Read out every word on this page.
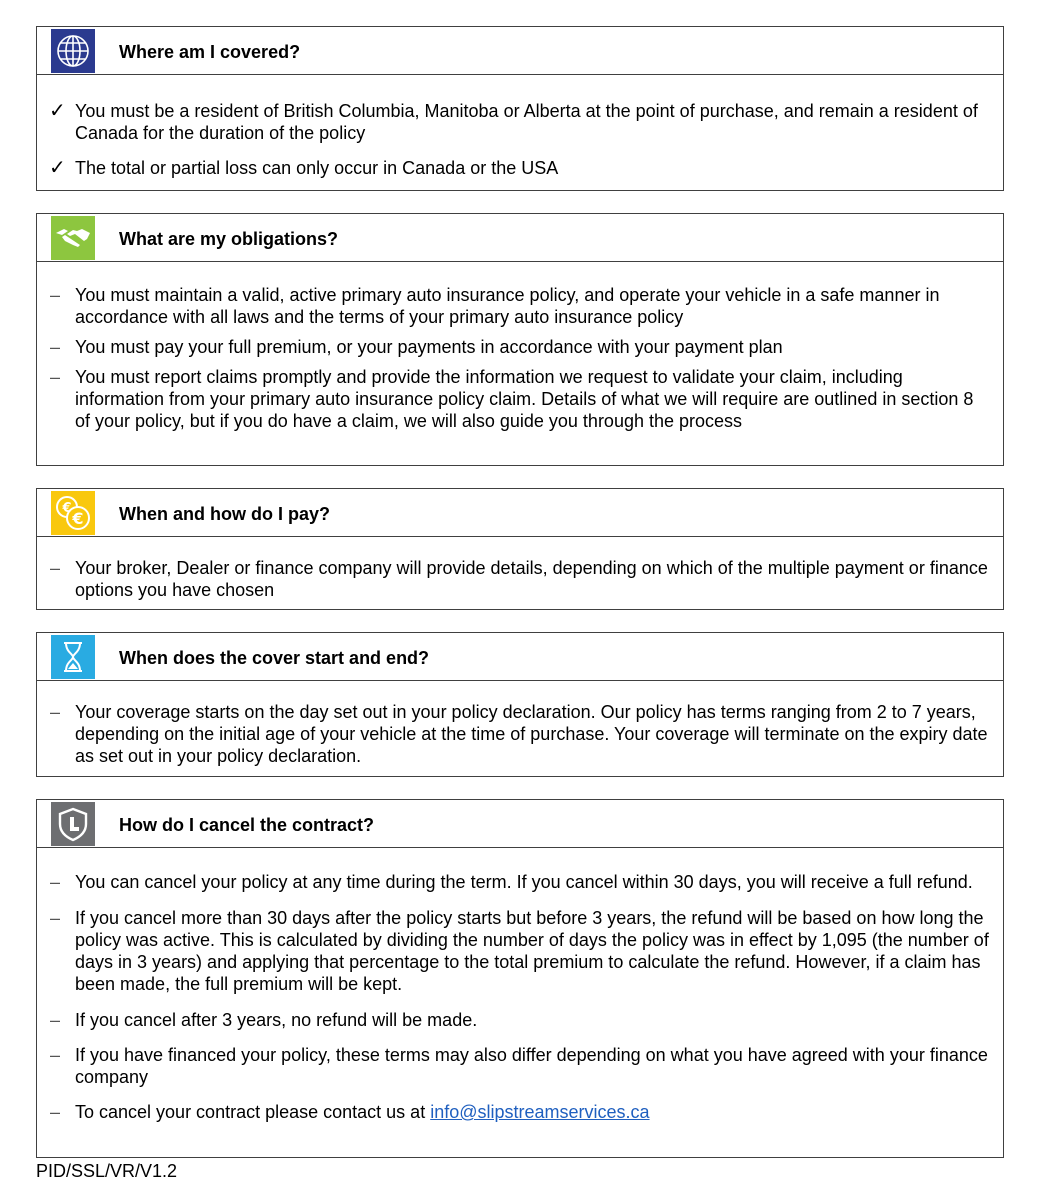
Where am I covered?
✓ You must be a resident of British Columbia, Manitoba or Alberta at the point of purchase, and remain a resident of Canada for the duration of the policy
✓ The total or partial loss can only occur in Canada or the USA
What are my obligations?
– You must maintain a valid, active primary auto insurance policy, and operate your vehicle in a safe manner in accordance with all laws and the terms of your primary auto insurance policy
– You must pay your full premium, or your payments in accordance with your payment plan
– You must report claims promptly and provide the information we request to validate your claim, including information from your primary auto insurance policy claim. Details of what we will require are outlined in section 8 of your policy, but if you do have a claim, we will also guide you through the process
€
€ When and how do I pay?
– Your broker, Dealer or finance company will provide details, depending on which of the multiple payment or finance options you have chosen
When does the cover start and end?
– Your coverage starts on the day set out in your policy declaration. Our policy has terms ranging from 2 to 7 years, depending on the initial age of your vehicle at the time of purchase. Your coverage will terminate on the expiry date as set out in your policy declaration.
How do I cancel the contract?
– You can cancel your policy at any time during the term. If you cancel within 30 days, you will receive a full refund.
– If you cancel more than 30 days after the policy starts but before 3 years, the refund will be based on how long the policy was active. This is calculated by dividing the number of days the policy was in effect by 1,095 (the number of days in 3 years) and applying that percentage to the total premium to calculate the refund. However, if a claim has been made, the full premium will be kept.
– If you cancel after 3 years, no refund will be made.
– If you have financed your policy, these terms may also differ depending on what you have agreed with your finance company
– To cancel your contract please contact us at info@slipstreamservices.ca
PID/SSL/VR/V1.2
